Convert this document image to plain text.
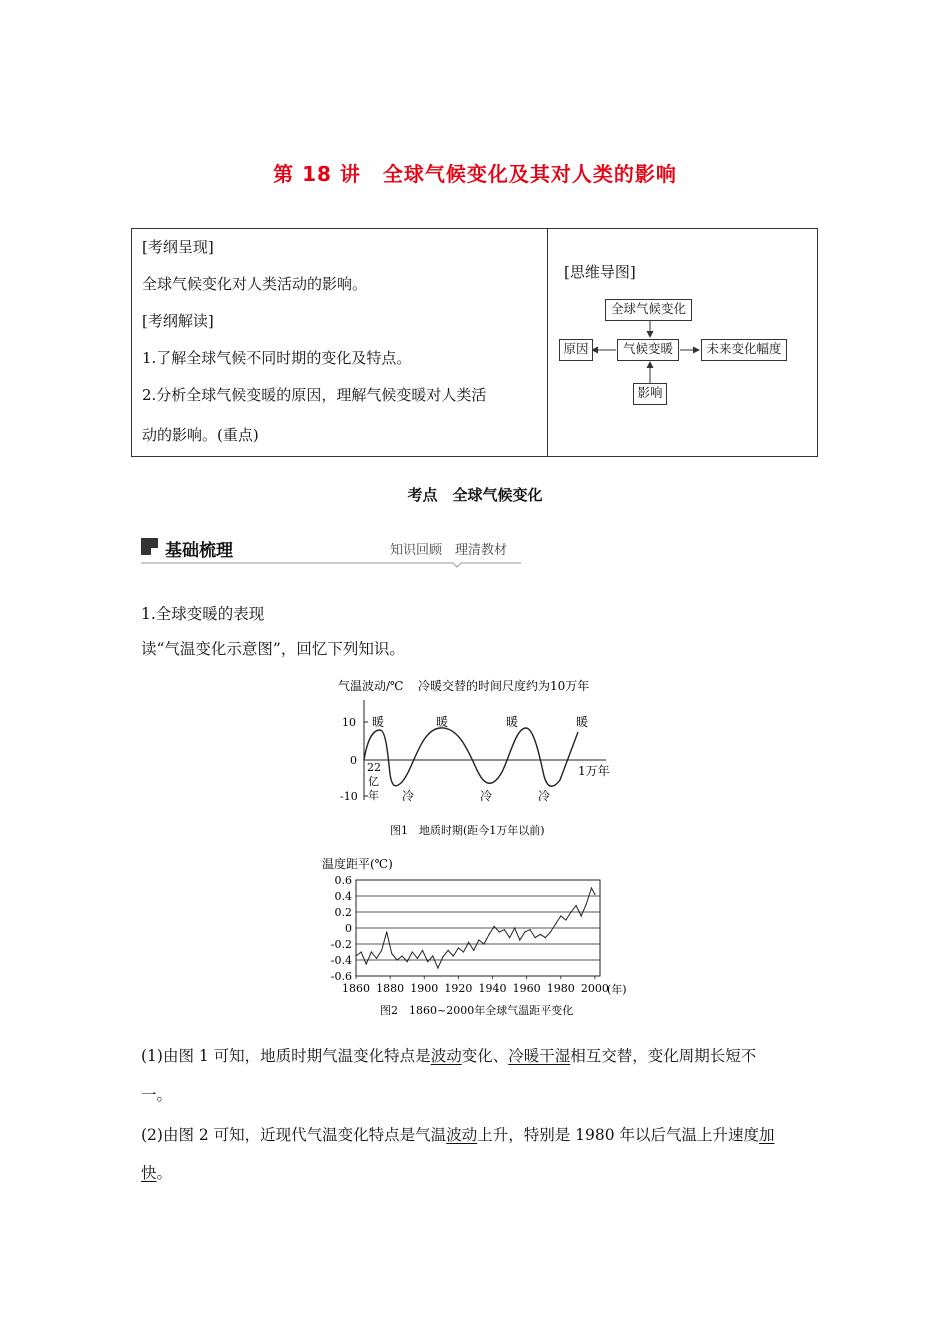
第 18 讲 全球气候变化及其对人类的影响
[考纲呈现]
全球气候变化对人类活动的影响。
[考纲解读]
1.了解全球气候不同时期的变化及特点。
2.分析全球气候变暖的原因，理解气候变暖对人类活
动的影响。(重点)
[思维导图]
全球气候变化
气候变暖
原因	未来变化幅度
影响
考点　全球气候变化
基础梳理	知识回顾　理清教材
1.全球变暖的表现
读“气温变化示意图”，回忆下列知识。
气温波动/℃ 冷暖交替的时间尺度约为10万年
10
0
-10
暖	暖	暖	暖
冷	冷	冷
22
亿
年
1万年
图1　地质时期(距今1万年以前)
0.6
0.4
0.2
0
-0.2
-0.4
-0.6
1860 1880 1900 1920 1940 1960 1980 2000
温度距平(℃)
(年)
图2　1860~2000年全球气温距平变化
(1)由图 1 可知，地质时期气温变化特点是波动变化、冷暖干湿相互交替，变化周期长短不
一。
(2)由图 2 可知，近现代气温变化特点是气温波动上升，特别是 1980 年以后气温上升速度加
快。
